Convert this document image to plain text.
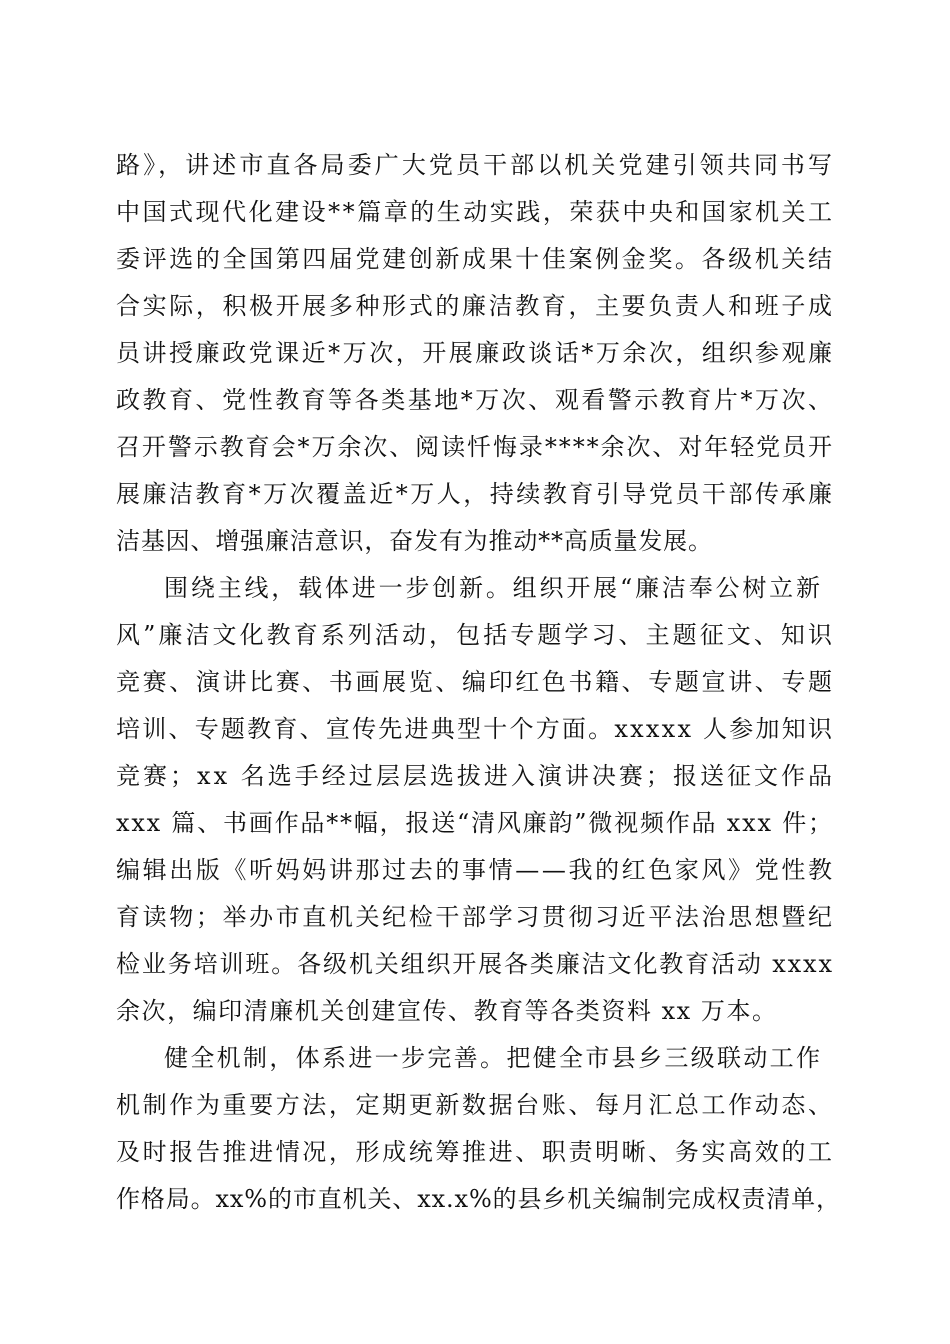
路》，讲述市直各局委广大党员干部以机关党建引领共同书写
中国式现代化建设**篇章的生动实践，荣获中央和国家机关工
委评选的全国第四届党建创新成果十佳案例金奖。各级机关结
合实际，积极开展多种形式的廉洁教育，主要负责人和班子成
员讲授廉政党课近*万次，开展廉政谈话*万余次，组织参观廉
政教育、党性教育等各类基地*万次、观看警示教育片*万次、
召开警示教育会*万余次、阅读忏悔录****余次、对年轻党员开
展廉洁教育*万次覆盖近*万人，持续教育引导党员干部传承廉
洁基因、增强廉洁意识，奋发有为推动**高质量发展。
围绕主线，载体进一步创新。组织开展“廉洁奉公树立新
风”廉洁文化教育系列活动，包括专题学习、主题征文、知识
竞赛、演讲比赛、书画展览、编印红色书籍、专题宣讲、专题
培训、专题教育、宣传先进典型十个方面。xxxxx 人参加知识
竞赛；xx 名选手经过层层选拔进入演讲决赛；报送征文作品
xxx 篇、书画作品**幅，报送“清风廉韵”微视频作品 xxx 件；
编辑出版《听妈妈讲那过去的事情——我的红色家风》党性教
育读物；举办市直机关纪检干部学习贯彻习近平法治思想暨纪
检业务培训班。各级机关组织开展各类廉洁文化教育活动 xxxx
余次，编印清廉机关创建宣传、教育等各类资料 xx 万本。
健全机制，体系进一步完善。把健全市县乡三级联动工作
机制作为重要方法，定期更新数据台账、每月汇总工作动态、
及时报告推进情况，形成统筹推进、职责明晰、务实高效的工
作格局。xx%的市直机关、xx.x%的县乡机关编制完成权责清单，
